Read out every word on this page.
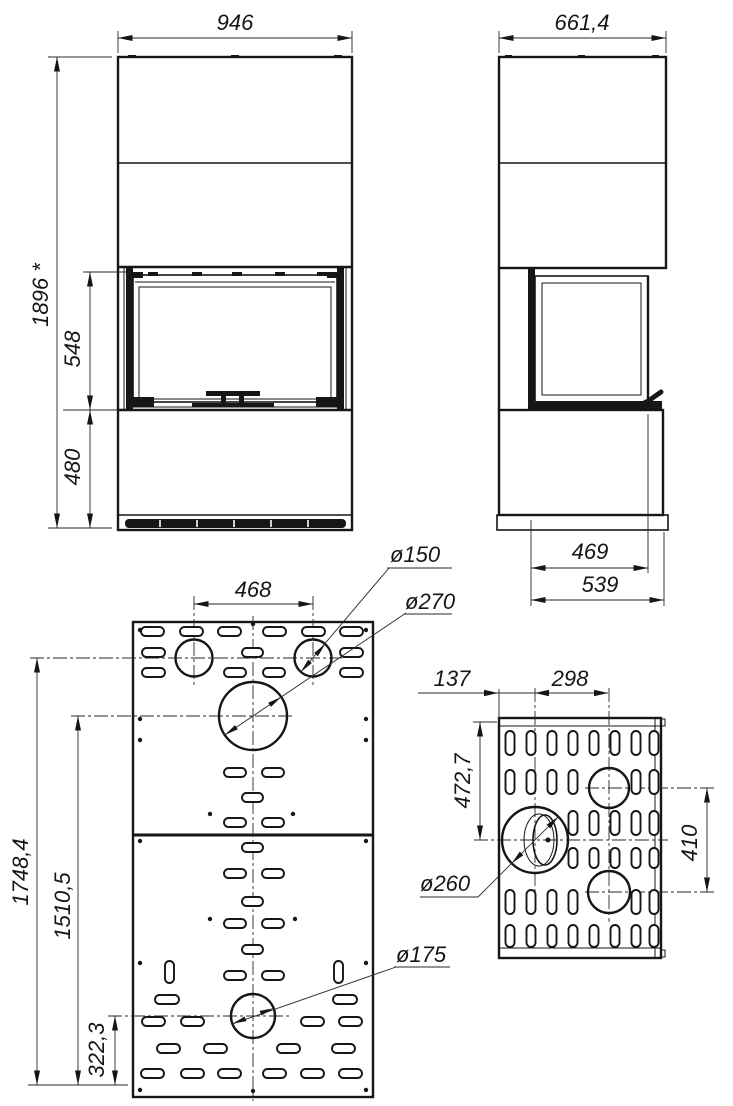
946
1896 *
548
480
661,4
469
539
468
1748,4
1510,5
322,3
ø150
ø270
ø175
137	298
472,7
410
ø260
